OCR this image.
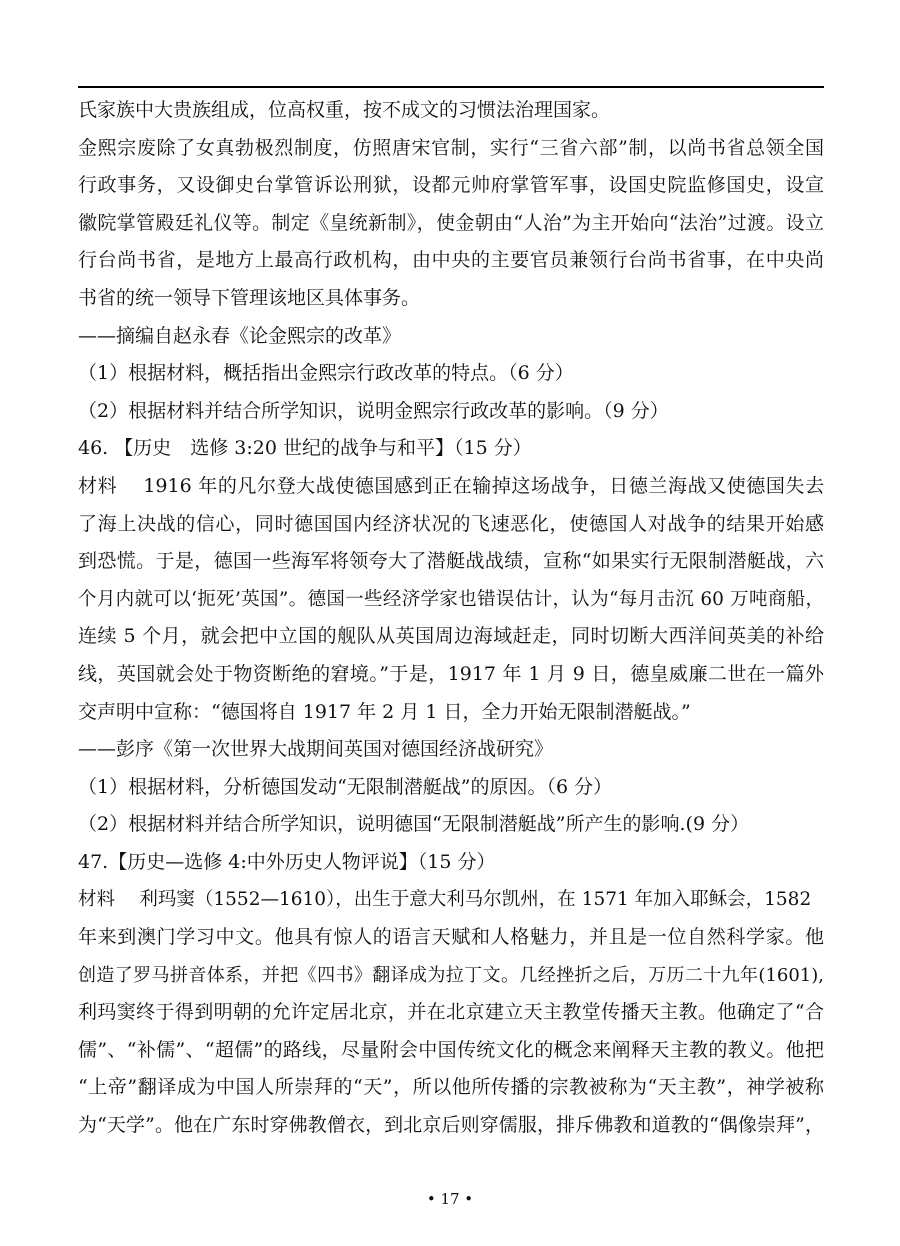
氏家族中大贵族组成，位高权重，按不成文的习惯法治理国家。
金熙宗废除了女真勃极烈制度，仿照唐宋官制，实行“三省六部”制，以尚书省总领全国
行政事务，又设御史台掌管诉讼刑狱，设都元帅府掌管军事，设国史院监修国史，设宣
徽院掌管殿廷礼仪等。制定《皇统新制》，使金朝由“人治”为主开始向“法治”过渡。设立
行台尚书省，是地方上最高行政机构，由中央的主要官员兼领行台尚书省事，在中央尚
书省的统一领导下管理该地区具体事务。
——摘编自赵永春《论金熙宗的改革》
（1）根据材料，概括指出金熙宗行政改革的特点。（6 分）
（2）根据材料并结合所学知识，说明金熙宗行政改革的影响。（9 分）
46. 【历史　选修 3:20 世纪的战争与和平】（15 分）
材料　 1916 年的凡尔登大战使德国感到正在输掉这场战争，日德兰海战又使德国失去
了海上决战的信心，同时德国国内经济状况的飞速恶化，使德国人对战争的结果开始感
到恐慌。于是，德国一些海军将领夸大了潜艇战战绩，宣称“如果实行无限制潜艇战，六
个月内就可以‘扼死’英国”。德国一些经济学家也错误估计，认为“每月击沉 60 万吨商船，
连续 5 个月，就会把中立国的舰队从英国周边海域赶走，同时切断大西洋间英美的补给
线，英国就会处于物资断绝的窘境。”于是，1917 年 1 月 9 日，德皇威廉二世在一篇外
交声明中宣称：“德国将自 1917 年 2 月 1 日，全力开始无限制潜艇战。”
——彭序《第一次世界大战期间英国对德国经济战研究》
（1）根据材料，分析德国发动“无限制潜艇战”的原因。（6 分）
（2）根据材料并结合所学知识，说明德国“无限制潜艇战”所产生的影响.(9 分）
47.【历史—选修 4:中外历史人物评说】（15 分）
材料　 利玛窦（1552—1610），出生于意大利马尔凯州，在 1571 年加入耶稣会，1582
年来到澳门学习中文。他具有惊人的语言天赋和人格魅力，并且是一位自然科学家。他
创造了罗马拼音体系，并把《四书》翻译成为拉丁文。几经挫折之后，万历二十九年(1601),
利玛窦终于得到明朝的允许定居北京，并在北京建立天主教堂传播天主教。他确定了“合
儒”、“补儒”、“超儒”的路线，尽量附会中国传统文化的概念来阐释天主教的教义。他把
“上帝”翻译成为中国人所崇拜的“天”，所以他所传播的宗教被称为“天主教”，神学被称
为“天学”。他在广东时穿佛教僧衣，到北京后则穿儒服，排斥佛教和道教的“偶像崇拜”，
• 17 •
